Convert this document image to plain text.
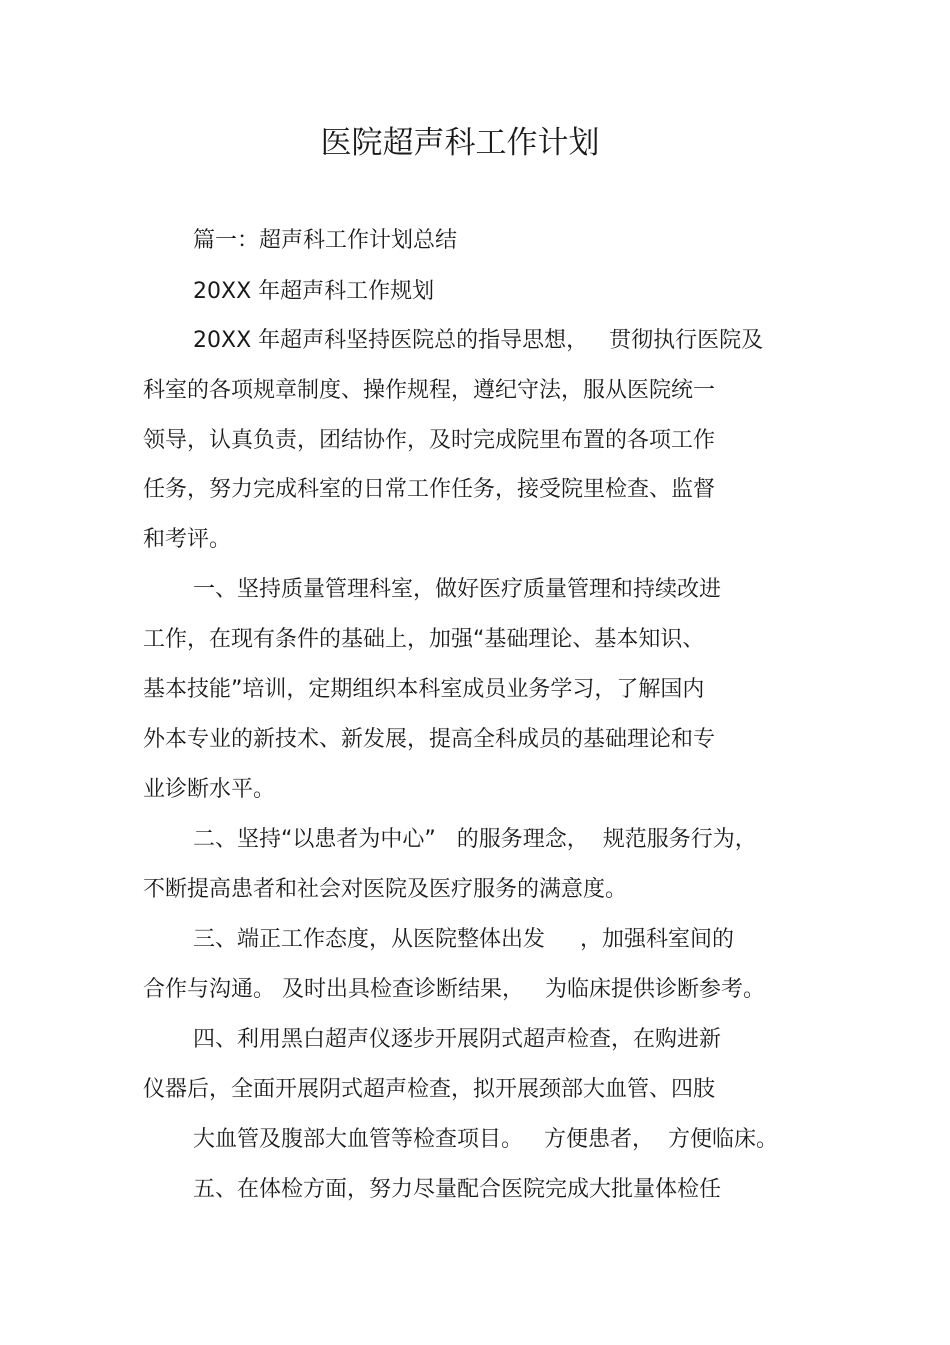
医院超声科工作计划
篇一：超声科工作计划总结
20XX 年超声科工作规划
20XX 年超声科坚持医院总的指导思想，   贯彻执行医院及
科室的各项规章制度、操作规程，遵纪守法，服从医院统一
领导，认真负责，团结协作，及时完成院里布置的各项工作
任务，努力完成科室的日常工作任务，接受院里检查、监督
和考评。
一、坚持质量管理科室，做好医疗质量管理和持续改进
工作，在现有条件的基础上，加强“基础理论、基本知识、
基本技能”培训，定期组织本科室成员业务学习，了解国内
外本专业的新技术、新发展，提高全科成员的基础理论和专
业诊断水平。
二、坚持“以患者为中心”   的服务理念，  规范服务行为，
不断提高患者和社会对医院及医疗服务的满意度。
三、端正工作态度，从医院整体出发     ，加强科室间的
合作与沟通。 及时出具检查诊断结果，   为临床提供诊断参考。
四、利用黑白超声仪逐步开展阴式超声检查，在购进新
仪器后，全面开展阴式超声检查，拟开展颈部大血管、四肢
大血管及腹部大血管等检查项目。   方便患者，  方便临床。
五、在体检方面，努力尽量配合医院完成大批量体检任
